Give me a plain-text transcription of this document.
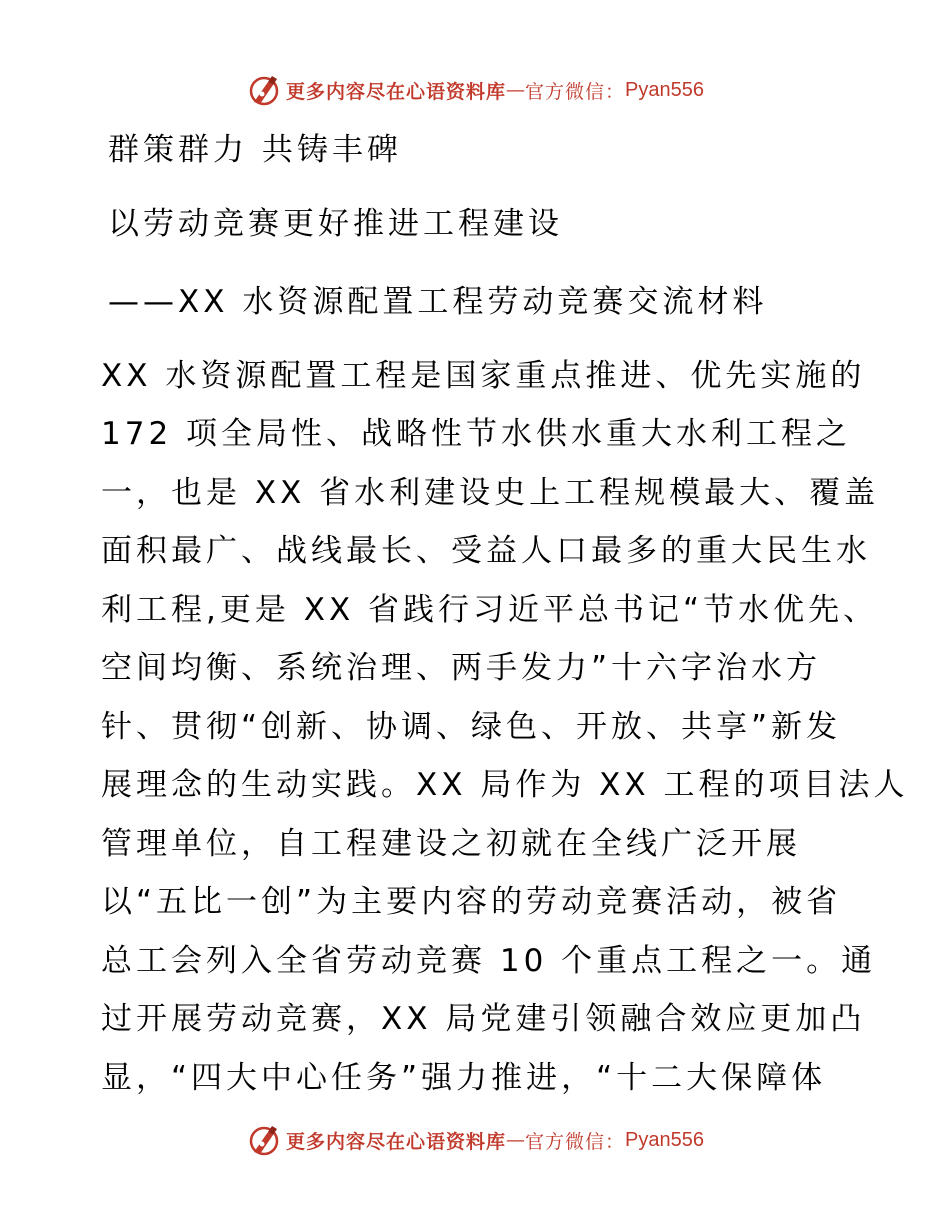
更多内容尽在心语资料库 — 官方微信： Pyan556
群策群力 共铸丰碑
以劳动竞赛更好推进工程建设
——XX 水资源配置工程劳动竞赛交流材料
XX 水资源配置工程是国家重点推进、优先实施的
172 项全局性、战略性节水供水重大水利工程之
一，也是 XX 省水利建设史上工程规模最大、覆盖
面积最广、战线最长、受益人口最多的重大民生水
利工程,更是 XX 省践行习近平总书记“节水优先、
空间均衡、系统治理、两手发力”十六字治水方
针、贯彻“创新、协调、绿色、开放、共享”新发
展理念的生动实践。XX 局作为 XX 工程的项目法人
管理单位，自工程建设之初就在全线广泛开展
以“五比一创”为主要内容的劳动竞赛活动，被省
总工会列入全省劳动竞赛 10 个重点工程之一。通
过开展劳动竞赛，XX 局党建引领融合效应更加凸
显，“四大中心任务”强力推进，“十二大保障体
更多内容尽在心语资料库 — 官方微信： Pyan556
